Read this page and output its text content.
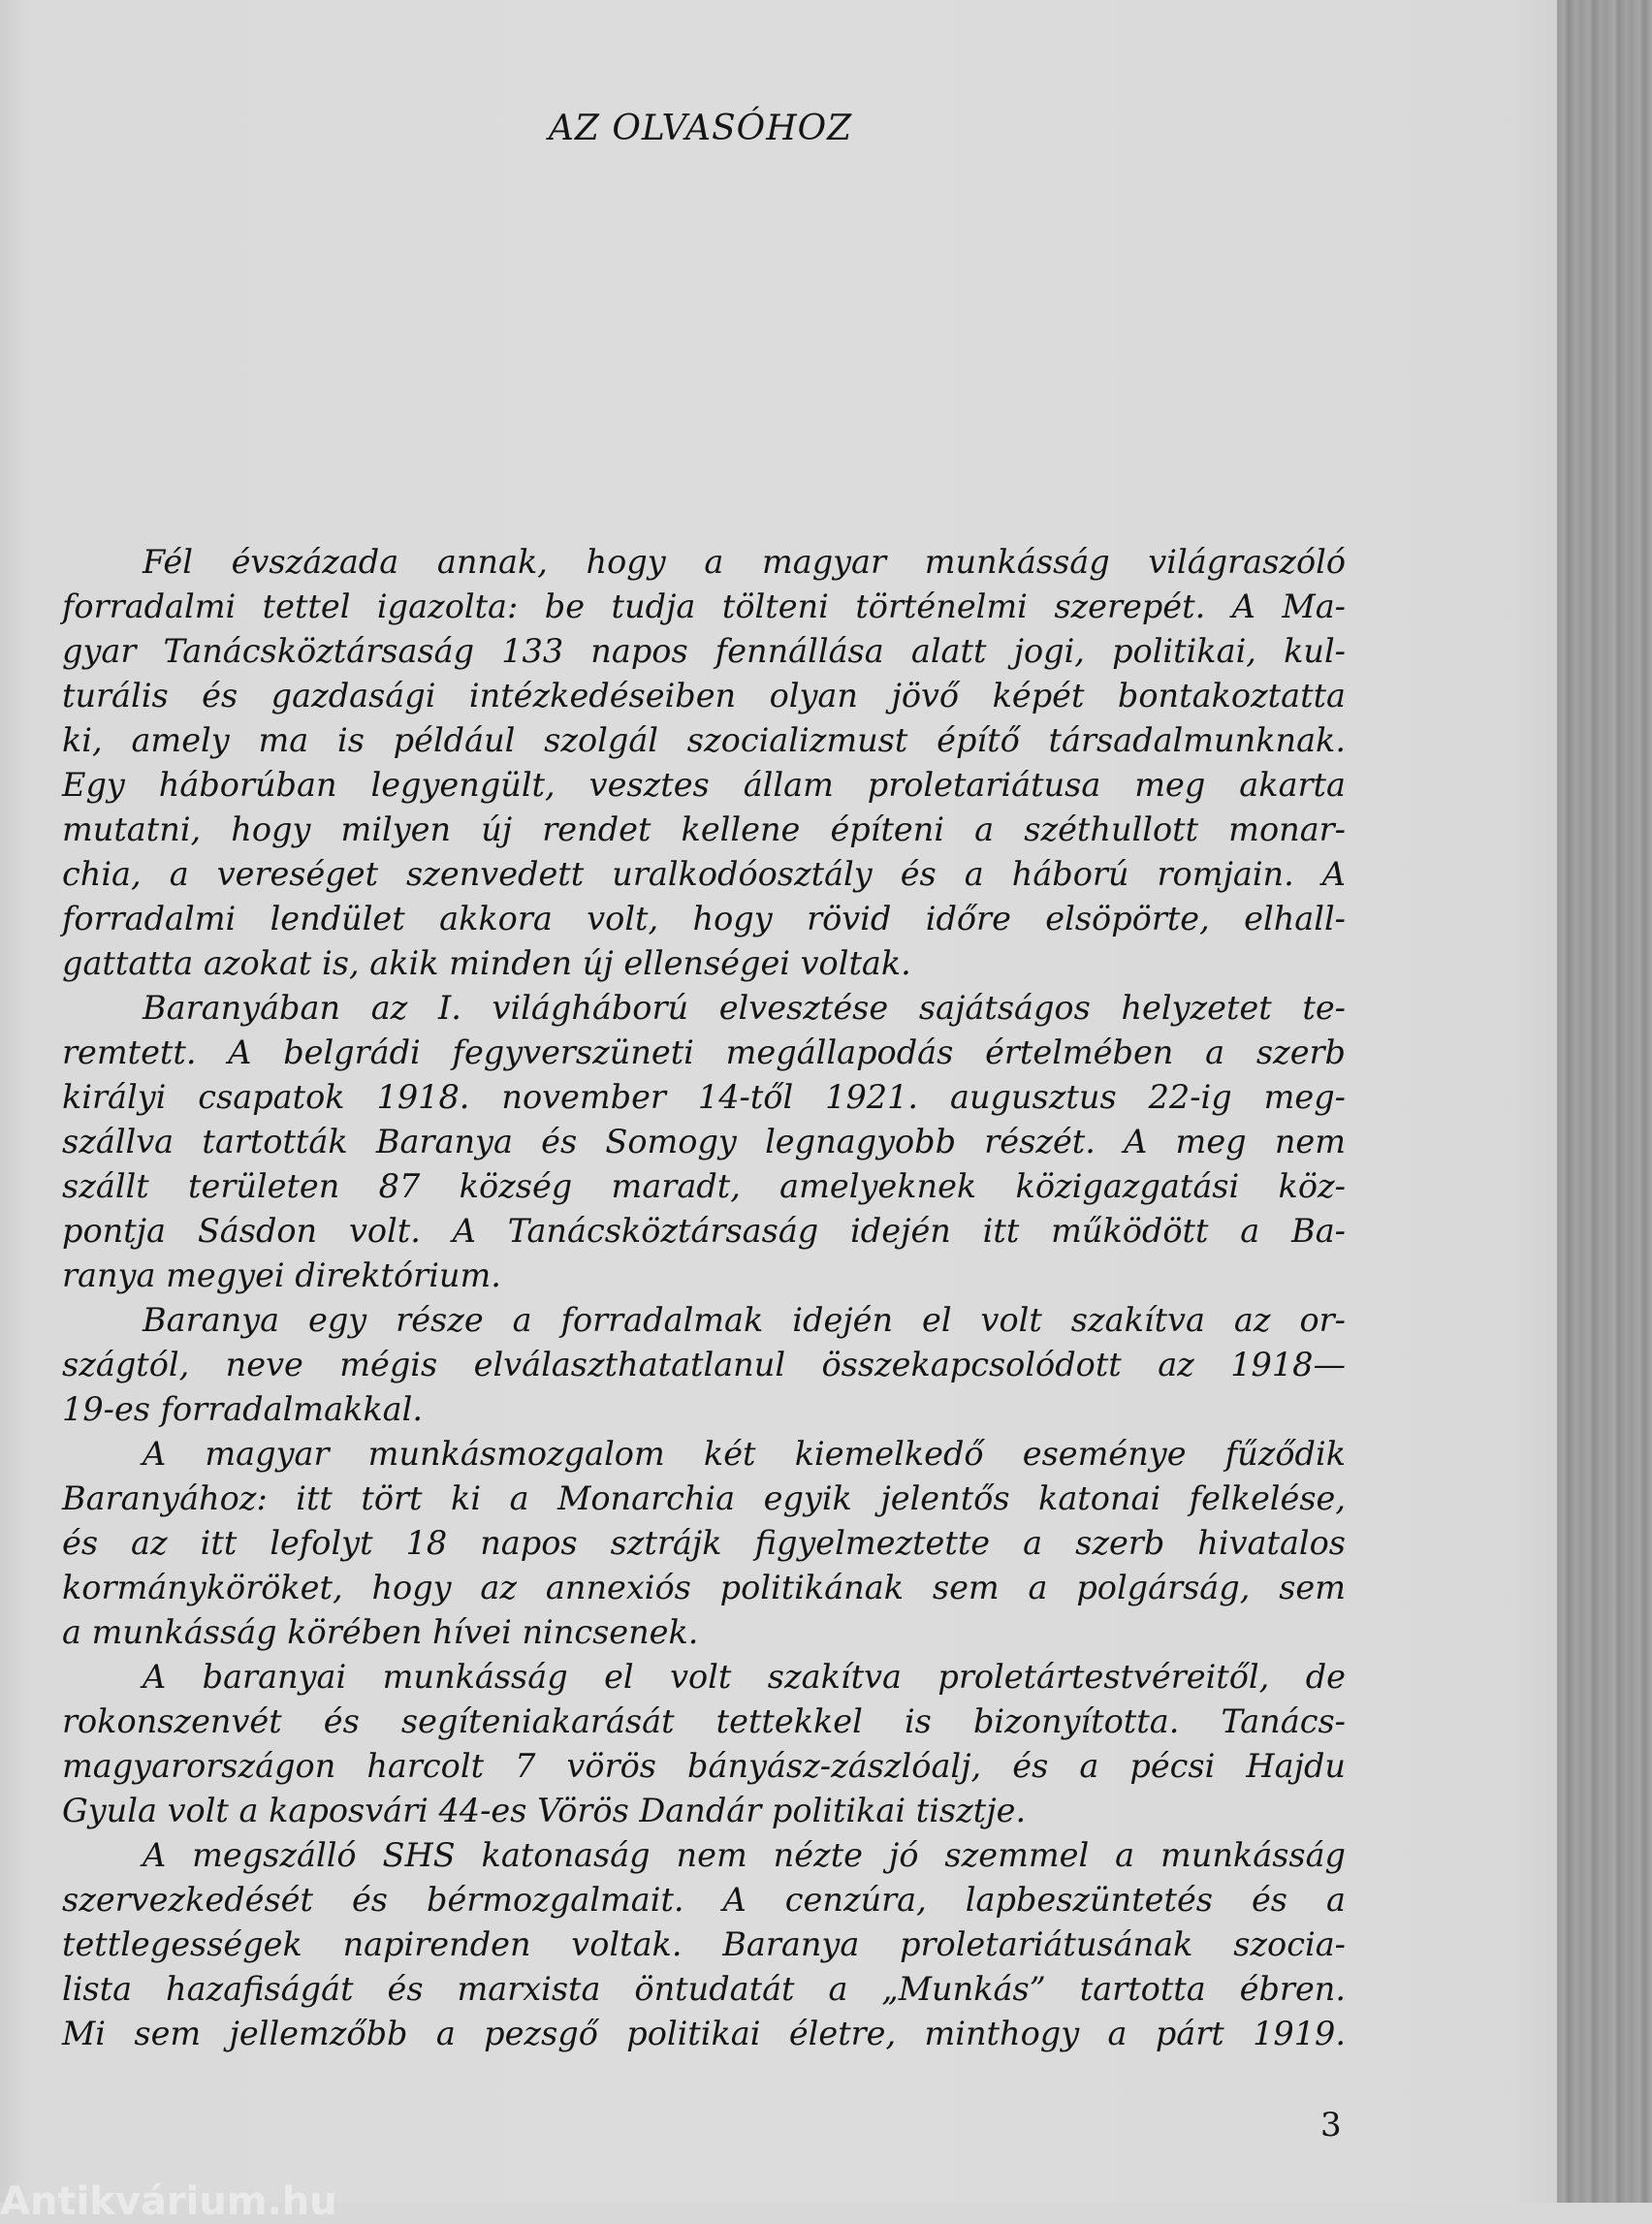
AZ OLVASÓHOZ
Fél évszázada annak, hogy a magyar munkásság világraszóló
forradalmi tettel igazolta: be tudja tölteni történelmi szerepét. A Ma-
gyar Tanácsköztársaság 133 napos fennállása alatt jogi, politikai, kul-
turális és gazdasági intézkedéseiben olyan jövő képét bontakoztatta
ki, amely ma is például szolgál szocializmust építő társadalmunknak.
Egy háborúban legyengült, vesztes állam proletariátusa meg akarta
mutatni, hogy milyen új rendet kellene építeni a széthullott monar-
chia, a vereséget szenvedett uralkodóosztály és a háború romjain. A
forradalmi lendület akkora volt, hogy rövid időre elsöpörte, elhall-
gattatta azokat is, akik minden új ellenségei voltak.
Baranyában az I. világháború elvesztése sajátságos helyzetet te-
remtett. A belgrádi fegyverszüneti megállapodás értelmében a szerb
királyi csapatok 1918. november 14-től 1921. augusztus 22-ig meg-
szállva tartották Baranya és Somogy legnagyobb részét. A meg nem
szállt területen 87 község maradt, amelyeknek közigazgatási köz-
pontja Sásdon volt. A Tanácsköztársaság idején itt működött a Ba-
ranya megyei direktórium.
Baranya egy része a forradalmak idején el volt szakítva az or-
szágtól, neve mégis elválaszthatatlanul összekapcsolódott az 1918—
19-es forradalmakkal.
A magyar munkásmozgalom két kiemelkedő eseménye fűződik
Baranyához: itt tört ki a Monarchia egyik jelentős katonai felkelése,
és az itt lefolyt 18 napos sztrájk figyelmeztette a szerb hivatalos
kormányköröket, hogy az annexiós politikának sem a polgárság, sem
a munkásság körében hívei nincsenek.
A baranyai munkásság el volt szakítva proletártestvéreitől, de
rokonszenvét és segíteniakarását tettekkel is bizonyította. Tanács-
magyarországon harcolt 7 vörös bányász-zászlóalj, és a pécsi Hajdu
Gyula volt a kaposvári 44-es Vörös Dandár politikai tisztje.
A megszálló SHS katonaság nem nézte jó szemmel a munkásság
szervezkedését és bérmozgalmait. A cenzúra, lapbeszüntetés és a
tettlegességek napirenden voltak. Baranya proletariátusának szocia-
lista hazafiságát és marxista öntudatát a „Munkás” tartotta ébren.
Mi sem jellemzőbb a pezsgő politikai életre, minthogy a párt 1919.
3
Antikvárium.hu
